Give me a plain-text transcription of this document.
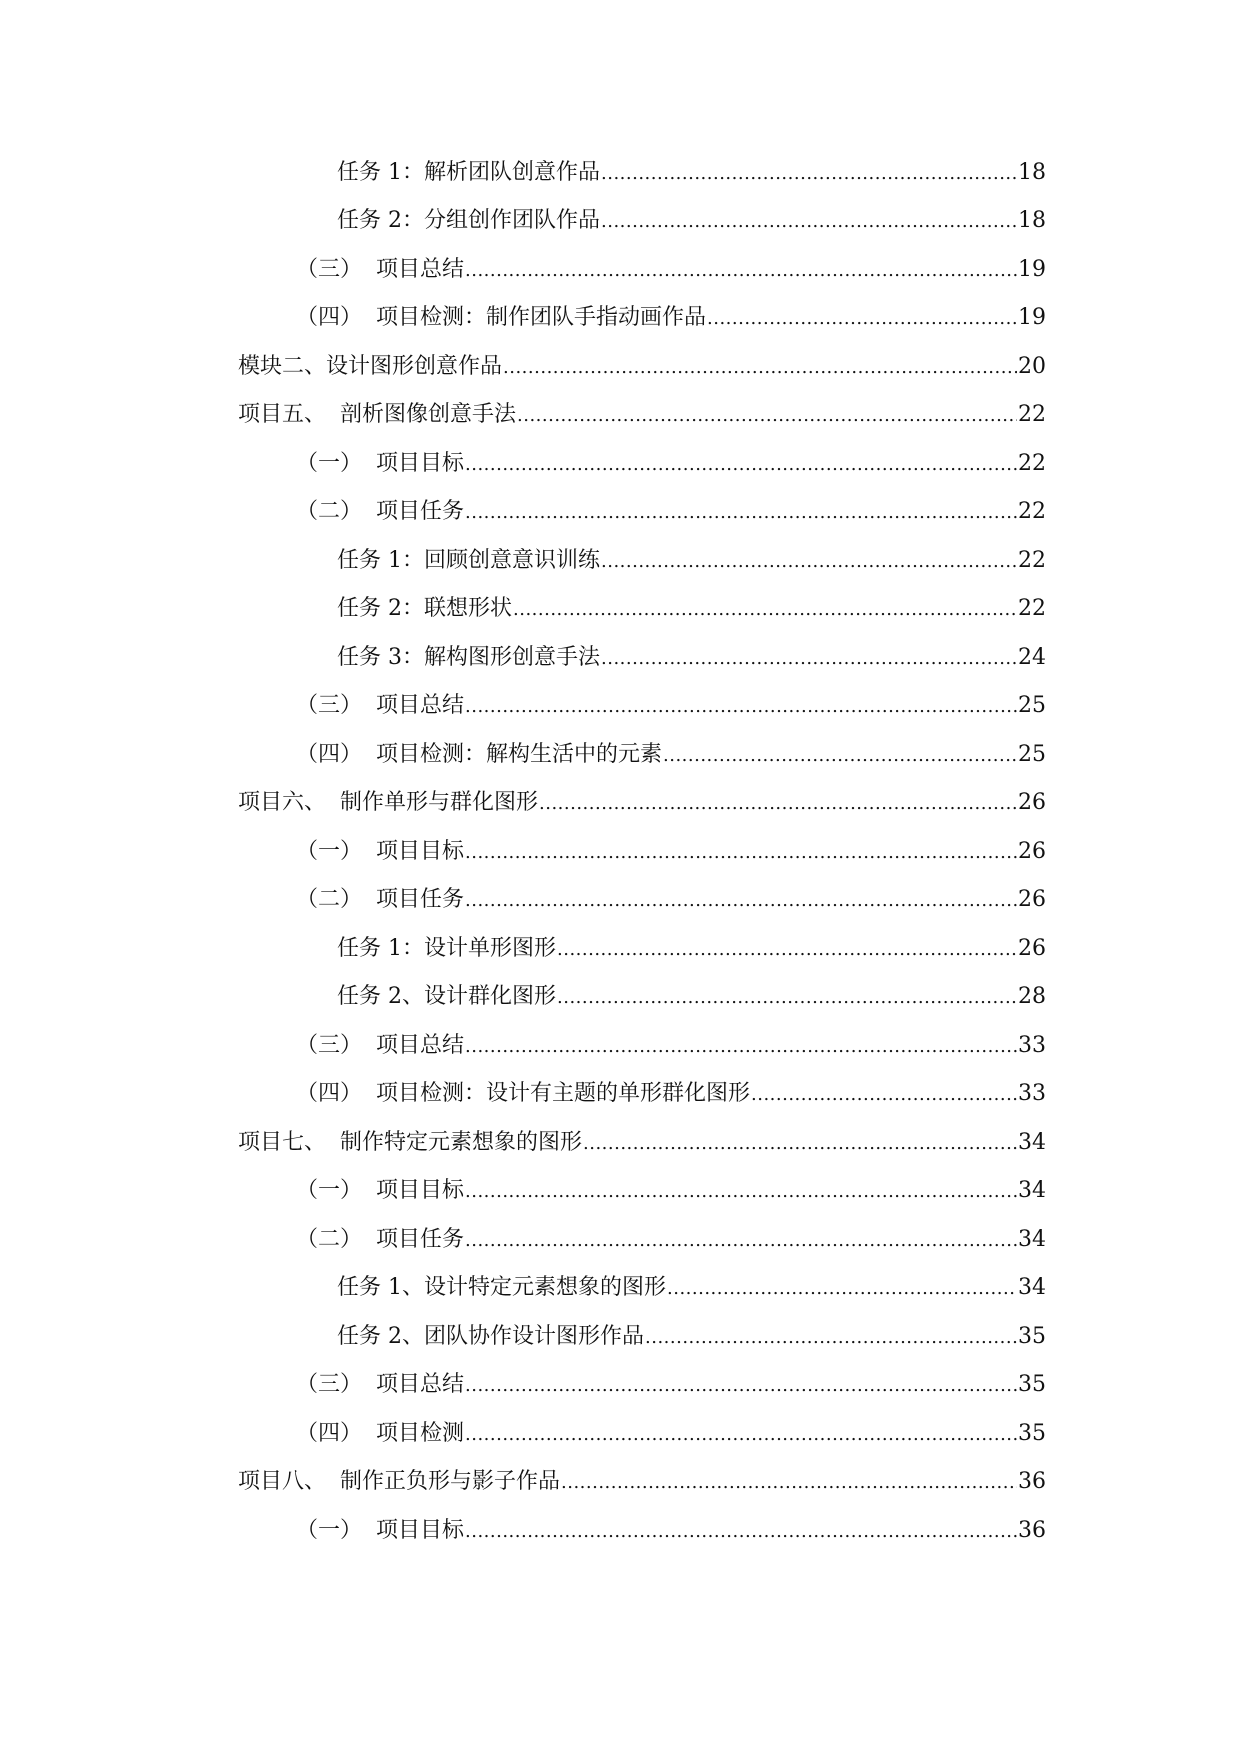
任务 1：解析团队创意作品 .....	18
任务 2：分组创作团队作品 .....	18
（三）  项目总结 .....	19
（四）  项目检测：制作团队手指动画作品 .....	19
模块二、设计图形创意作品 .....	20
项目五、  剖析图像创意手法 .....	22
（一）  项目目标 .....	22
（二）  项目任务 .....	22
任务 1：回顾创意意识训练 .....	22
任务 2：联想形状 .....	22
任务 3：解构图形创意手法 .....	24
（三）  项目总结 .....	25
（四）  项目检测：解构生活中的元素 .....	25
项目六、  制作单形与群化图形 .....	26
（一）  项目目标 .....	26
（二）  项目任务 .....	26
任务 1：设计单形图形 .....	26
任务 2、设计群化图形 .....	28
（三）  项目总结 .....	33
（四）  项目检测：设计有主题的单形群化图形 .....	33
项目七、  制作特定元素想象的图形 .....	34
（一）  项目目标 .....	34
（二）  项目任务 .....	34
任务 1、设计特定元素想象的图形 .....	34
任务 2、团队协作设计图形作品 .....	35
（三）  项目总结 .....	35
（四）  项目检测 .....	35
项目八、  制作正负形与影子作品 .....	36
（一）  项目目标 .....	36
